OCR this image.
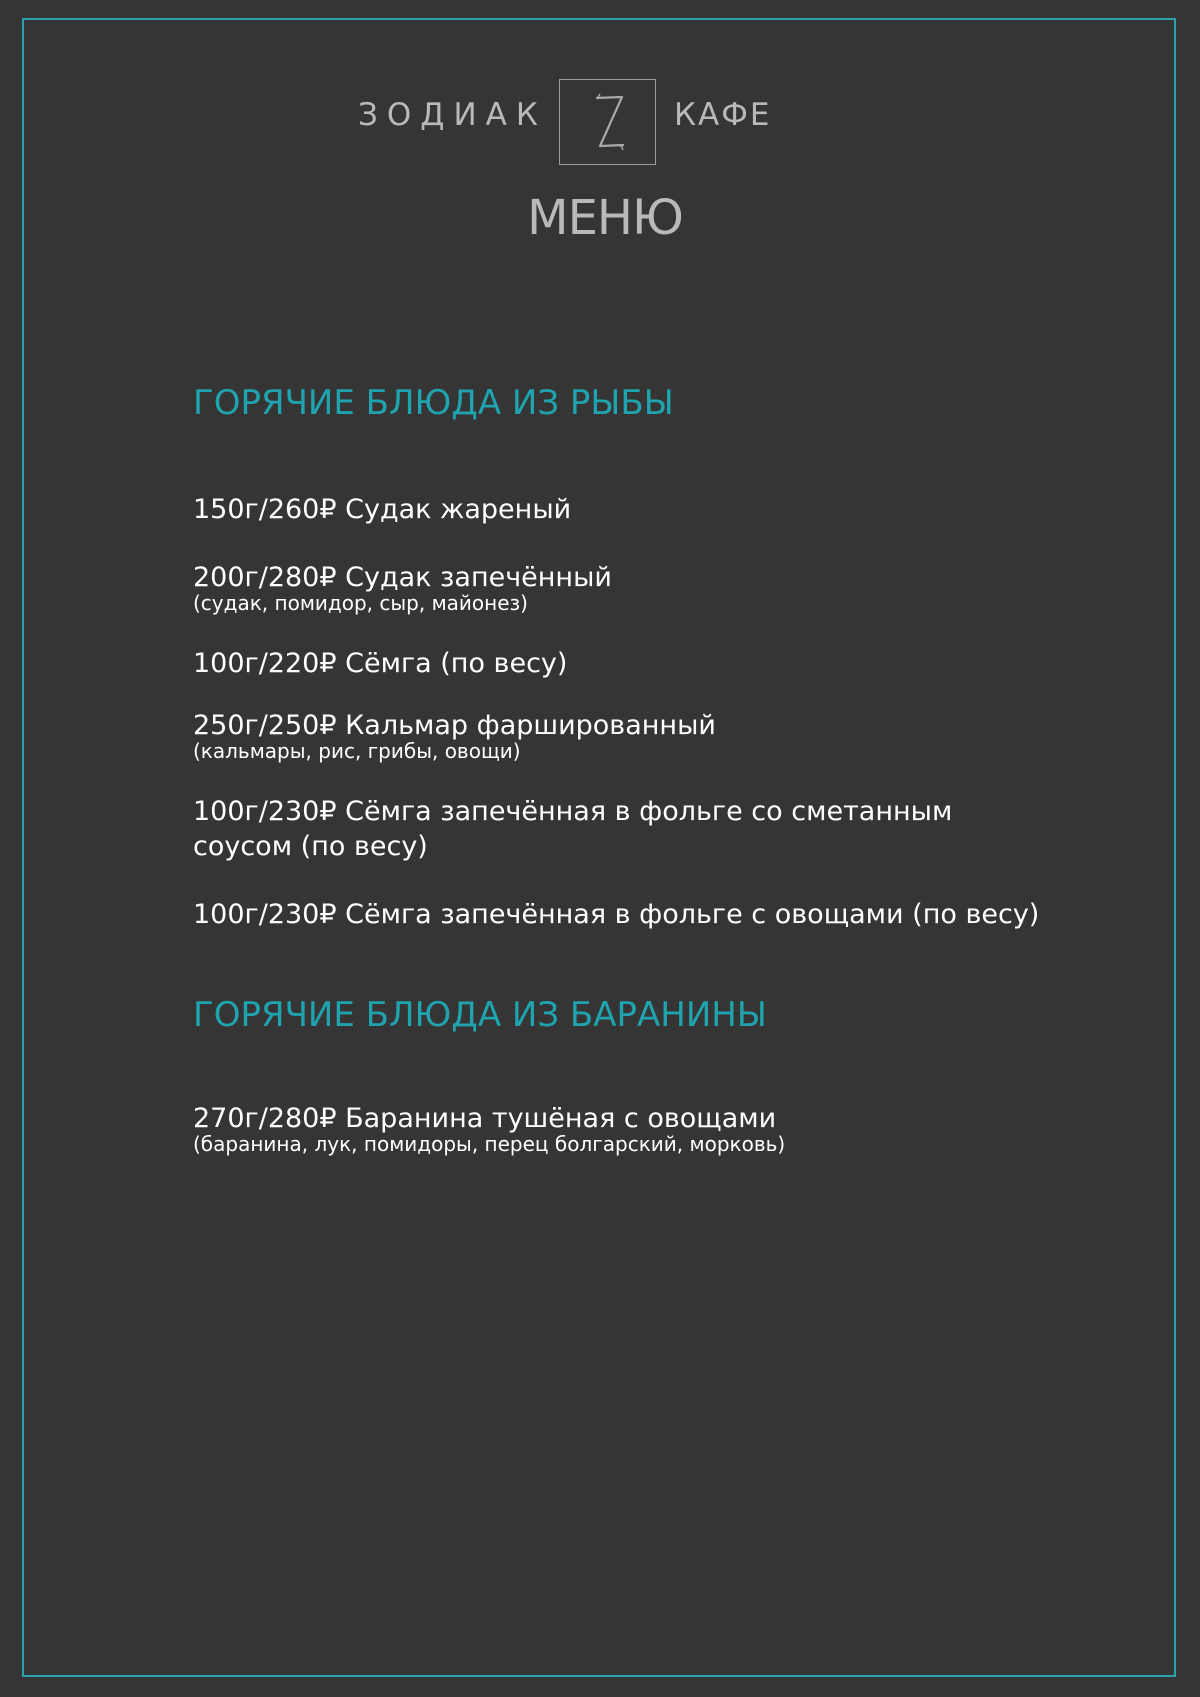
ЗОДИАК	КАФЕ
МЕНЮ
ГОРЯЧИЕ БЛЮДА ИЗ РЫБЫ
150г/260₽ Судак жареный
200г/280₽ Судак запечённый
(судак, помидор, сыр, майонез)
100г/220₽ Сёмга (по весу)
250г/250₽ Кальмар фаршированный
(кальмары, рис, грибы, овощи)
100г/230₽ Сёмга запечённая в фольге со сметанным соусом (по весу)
100г/230₽ Сёмга запечённая в фольге с овощами (по весу)
ГОРЯЧИЕ БЛЮДА ИЗ БАРАНИНЫ
270г/280₽ Баранина тушёная с овощами
(баранина, лук, помидоры, перец болгарский, морковь)
